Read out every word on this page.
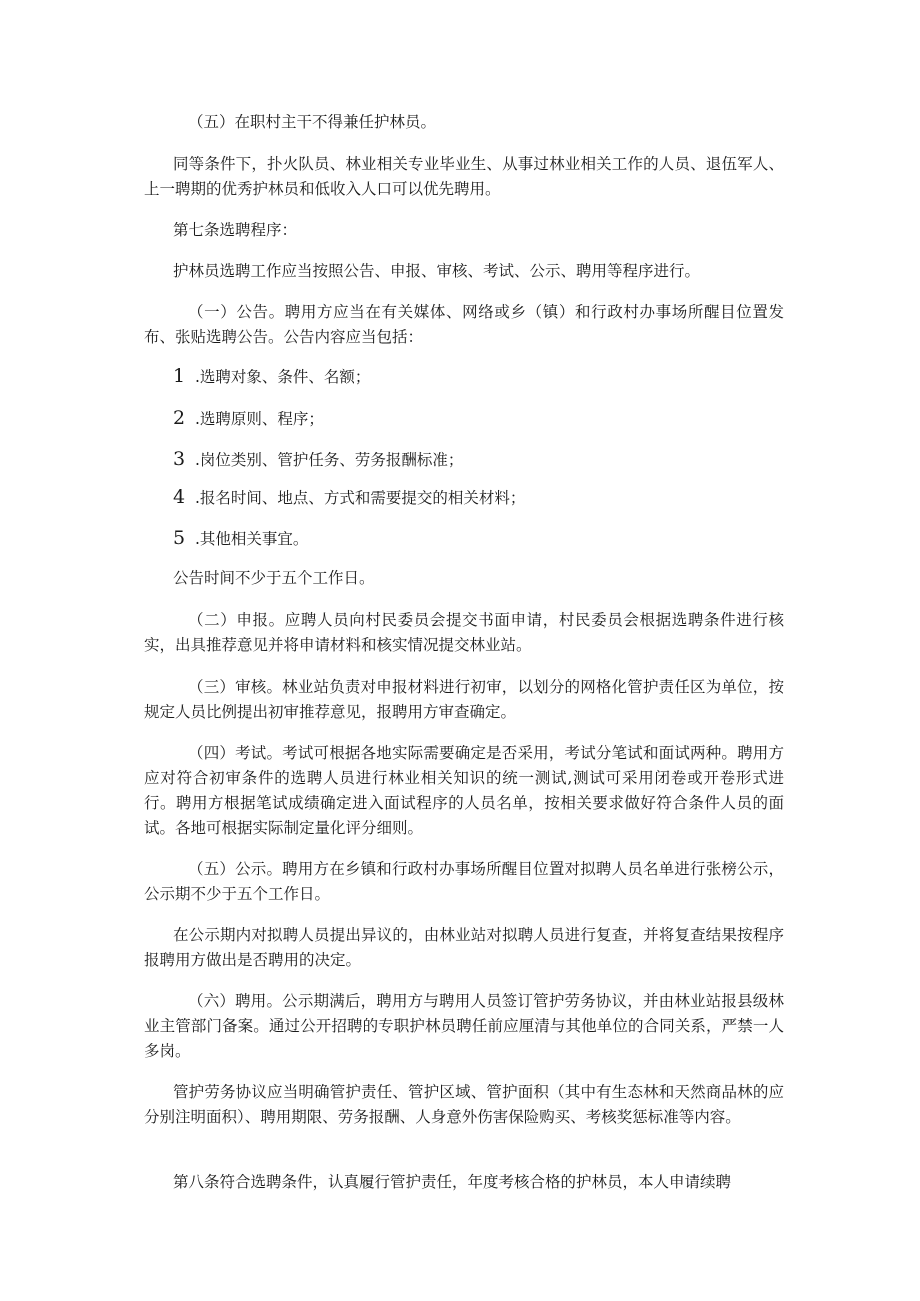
（五）在职村主干不得兼任护林员。
同等条件下，扑火队员、林业相关专业毕业生、从事过林业相关工作的人员、退伍军人、上一聘期的优秀护林员和低收入人口可以优先聘用。
第七条选聘程序：
护林员选聘工作应当按照公告、申报、审核、考试、公示、聘用等程序进行。
（一）公告。聘用方应当在有关媒体、网络或乡（镇）和行政村办事场所醒目位置发布、张贴选聘公告。公告内容应当包括：
1 .选聘对象、条件、名额；
2 .选聘原则、程序；
3 .岗位类别、管护任务、劳务报酬标准；
4 .报名时间、地点、方式和需要提交的相关材料；
5 .其他相关事宜。
公告时间不少于五个工作日。
（二）申报。应聘人员向村民委员会提交书面申请，村民委员会根据选聘条件进行核实，出具推荐意见并将申请材料和核实情况提交林业站。
（三）审核。林业站负责对申报材料进行初审，以划分的网格化管护责任区为单位，按规定人员比例提出初审推荐意见，报聘用方审查确定。
（四）考试。考试可根据各地实际需要确定是否采用，考试分笔试和面试两种。聘用方应对符合初审条件的选聘人员进行林业相关知识的统一测试,测试可采用闭卷或开卷形式进行。聘用方根据笔试成绩确定进入面试程序的人员名单，按相关要求做好符合条件人员的面试。各地可根据实际制定量化评分细则。
（五）公示。聘用方在乡镇和行政村办事场所醒目位置对拟聘人员名单进行张榜公示，公示期不少于五个工作日。
在公示期内对拟聘人员提出异议的，由林业站对拟聘人员进行复查，并将复查结果按程序报聘用方做出是否聘用的决定。
（六）聘用。公示期满后，聘用方与聘用人员签订管护劳务协议，并由林业站报县级林业主管部门备案。通过公开招聘的专职护林员聘任前应厘清与其他单位的合同关系，严禁一人多岗。
管护劳务协议应当明确管护责任、管护区域、管护面积（其中有生态林和天然商品林的应分别注明面积）、聘用期限、劳务报酬、人身意外伤害保险购买、考核奖惩标准等内容。
第八条符合选聘条件，认真履行管护责任，年度考核合格的护林员，本人申请续聘
